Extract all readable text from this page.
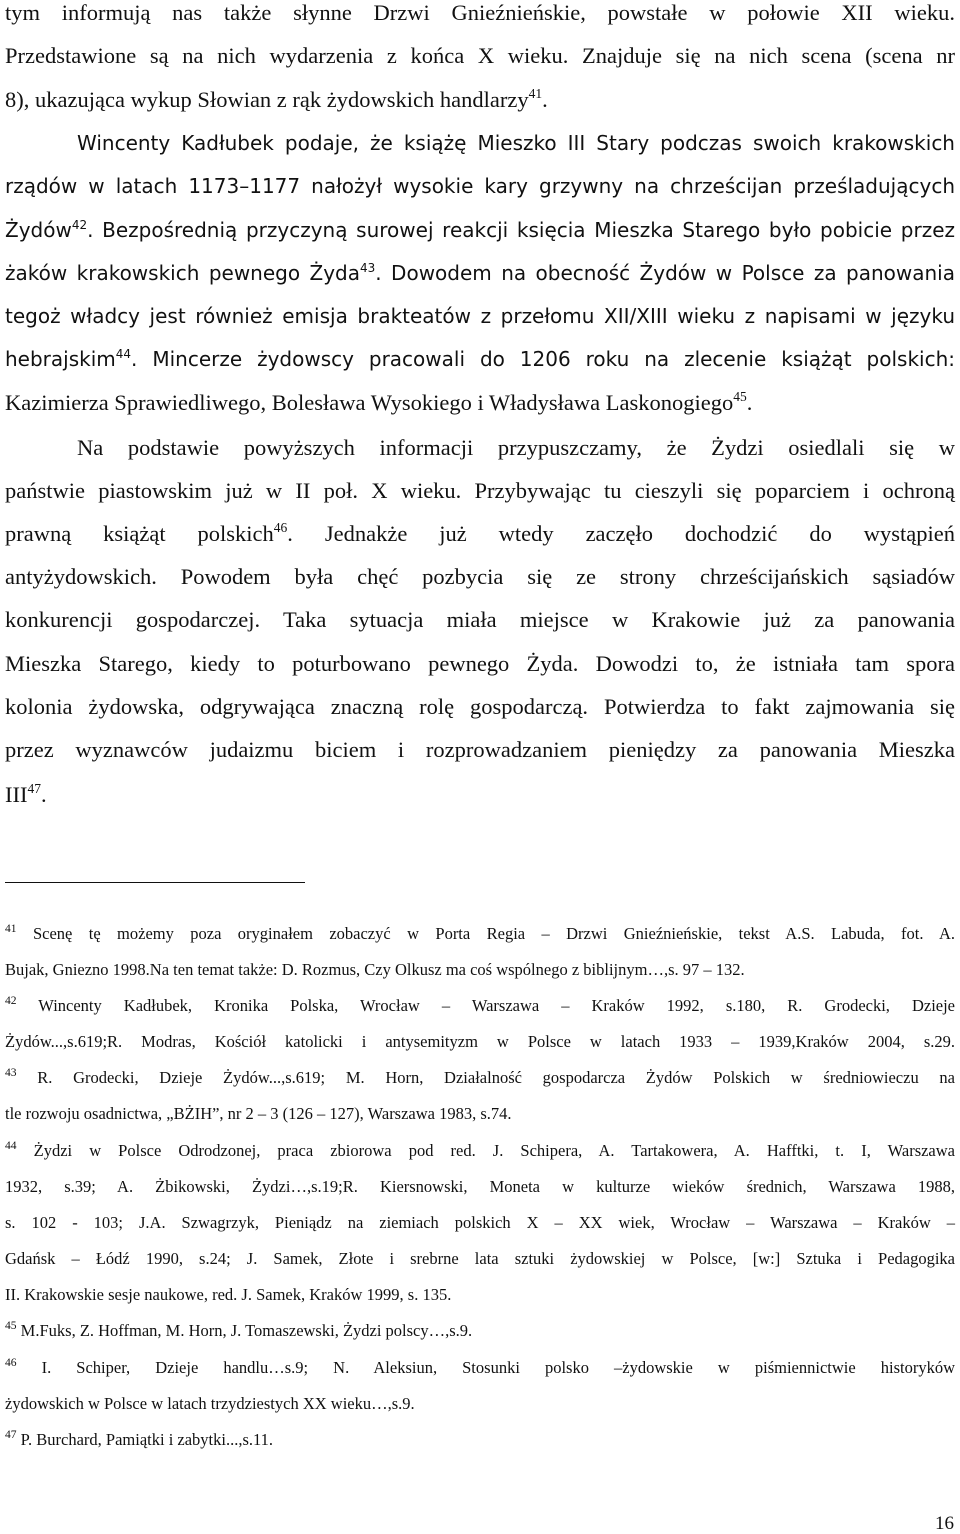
tym informują nas także słynne Drzwi Gnieźnieńskie, powstałe w połowie XII wieku.
Przedstawione są na nich wydarzenia z końca X wieku. Znajduje się na nich scena (scena nr
8), ukazująca wykup Słowian z rąk żydowskich handlarzy$^{41}$.
Wincenty Kadłubek podaje, że książę Mieszko III Stary podczas swoich krakowskich
rządów w latach 1173–1177 nałożył wysokie kary grzywny na chrześcijan prześladujących
Żydów$^{42}$. Bezpośrednią przyczyną surowej reakcji księcia Mieszka Starego było pobicie przez
żaków krakowskich pewnego Żyda$^{43}$. Dowodem na obecność Żydów w Polsce za panowania
tegoż władcy jest również emisja brakteatów z przełomu XII/XIII wieku z napisami w języku
hebrajskim$^{44}$. Mincerze żydowscy pracowali do 1206 roku na zlecenie książąt polskich:
Kazimierza Sprawiedliwego, Bolesława Wysokiego i Władysława Laskonogiego$^{45}$.
Na podstawie powyższych informacji przypuszczamy, że Żydzi osiedlali się w
państwie piastowskim już w II poł. X wieku. Przybywając tu cieszyli się poparciem i ochroną
prawną książąt polskich$^{46}$. Jednakże już wtedy zaczęło dochodzić do wystąpień
antyżydowskich. Powodem była chęć pozbycia się ze strony chrześcijańskich sąsiadów
konkurencji gospodarczej. Taka sytuacja miała miejsce w Krakowie już za panowania
Mieszka Starego, kiedy to poturbowano pewnego Żyda. Dowodzi to, że istniała tam spora
kolonia żydowska, odgrywająca znaczną rolę gospodarczą. Potwierdza to fakt zajmowania się
przez wyznawców judaizmu biciem i rozprowadzaniem pieniędzy za panowania Mieszka
III$^{47}$.
$^{41}$ Scenę tę możemy poza oryginałem zobaczyć w Porta Regia – Drzwi Gnieźnieńskie, tekst A.S. Labuda, fot. A.
Bujak, Gniezno 1998.Na ten temat także: D. Rozmus, Czy Olkusz ma coś wspólnego z biblijnym…,s. 97 – 132.
$^{42}$ Wincenty Kadłubek, Kronika Polska, Wrocław – Warszawa – Kraków 1992, s.180, R. Grodecki, Dzieje
Żydów...,s.619;R. Modras, Kościół katolicki i antysemityzm w Polsce w latach 1933 – 1939,Kraków 2004, s.29.
$^{43}$ R. Grodecki, Dzieje Żydów...,s.619; M. Horn, Działalność gospodarcza Żydów Polskich w średniowieczu na
tle rozwoju osadnictwa, „BŻIH”, nr 2 – 3 (126 – 127), Warszawa 1983, s.74.
$^{44}$ Żydzi w Polsce Odrodzonej, praca zbiorowa pod red. J. Schipera, A. Tartakowera, A. Hafftki, t. I, Warszawa
1932, s.39; A. Żbikowski, Żydzi…,s.19;R. Kiersnowski, Moneta w kulturze wieków średnich, Warszawa 1988,
s. 102 - 103; J.A. Szwagrzyk, Pieniądz na ziemiach polskich X – XX wiek, Wrocław – Warszawa – Kraków –
Gdańsk – Łódź 1990, s.24; J. Samek, Złote i srebrne lata sztuki żydowskiej w Polsce, [w:] Sztuka i Pedagogika
II. Krakowskie sesje naukowe, red. J. Samek, Kraków 1999, s. 135.
$^{45}$ M.Fuks, Z. Hoffman, M. Horn, J. Tomaszewski, Żydzi polscy…,s.9.
$^{46}$ I. Schiper, Dzieje handlu…s.9; N. Aleksiun, Stosunki polsko –żydowskie w piśmiennictwie historyków
żydowskich w Polsce w latach trzydziestych XX wieku…,s.9.
$^{47}$ P. Burchard, Pamiątki i zabytki...,s.11.
16
